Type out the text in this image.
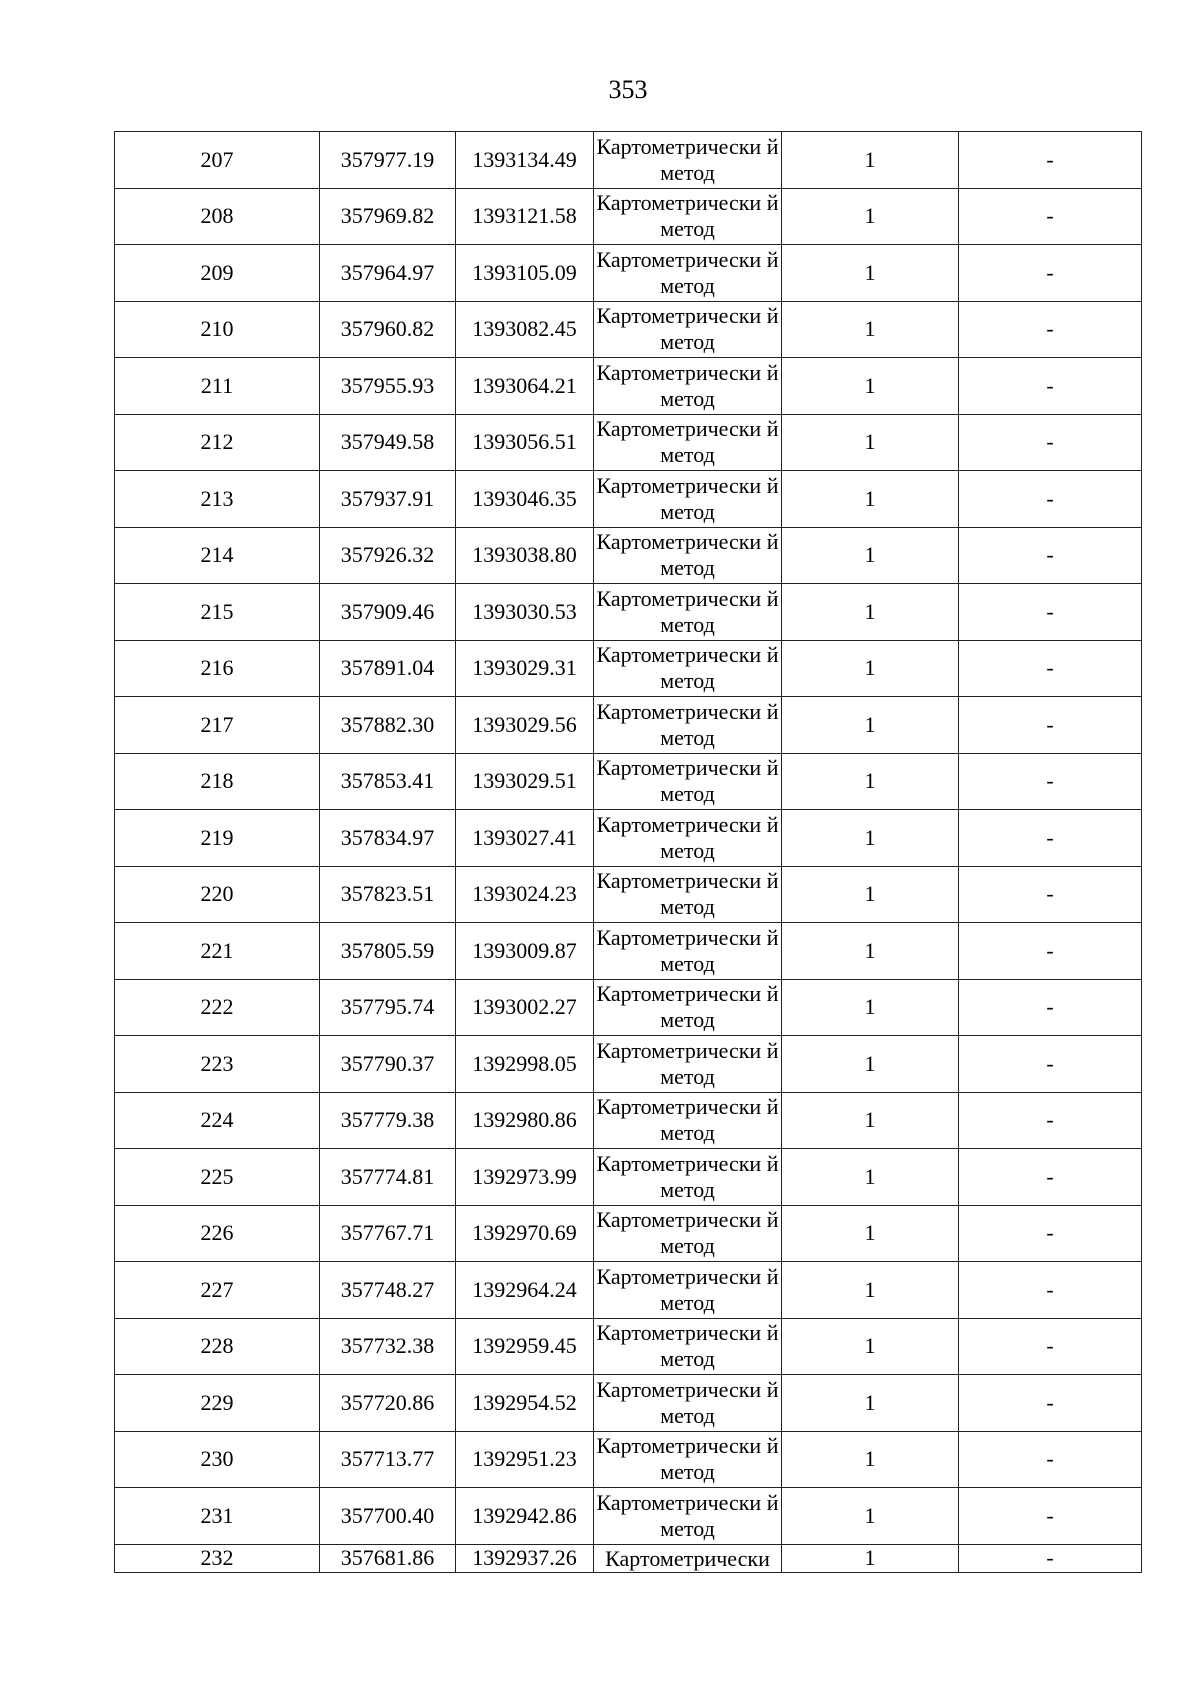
353
207	357977.19	1393134.49	Картометрически й метод	1	-
208	357969.82	1393121.58	Картометрически й метод	1	-
209	357964.97	1393105.09	Картометрически й метод	1	-
210	357960.82	1393082.45	Картометрически й метод	1	-
211	357955.93	1393064.21	Картометрически й метод	1	-
212	357949.58	1393056.51	Картометрически й метод	1	-
213	357937.91	1393046.35	Картометрически й метод	1	-
214	357926.32	1393038.80	Картометрически й метод	1	-
215	357909.46	1393030.53	Картометрически й метод	1	-
216	357891.04	1393029.31	Картометрически й метод	1	-
217	357882.30	1393029.56	Картометрически й метод	1	-
218	357853.41	1393029.51	Картометрически й метод	1	-
219	357834.97	1393027.41	Картометрически й метод	1	-
220	357823.51	1393024.23	Картометрически й метод	1	-
221	357805.59	1393009.87	Картометрически й метод	1	-
222	357795.74	1393002.27	Картометрически й метод	1	-
223	357790.37	1392998.05	Картометрически й метод	1	-
224	357779.38	1392980.86	Картометрически й метод	1	-
225	357774.81	1392973.99	Картометрически й метод	1	-
226	357767.71	1392970.69	Картометрически й метод	1	-
227	357748.27	1392964.24	Картометрически й метод	1	-
228	357732.38	1392959.45	Картометрически й метод	1	-
229	357720.86	1392954.52	Картометрически й метод	1	-
230	357713.77	1392951.23	Картометрически й метод	1	-
231	357700.40	1392942.86	Картометрически й метод	1	-
232	357681.86	1392937.26	Картометрически	1	-
